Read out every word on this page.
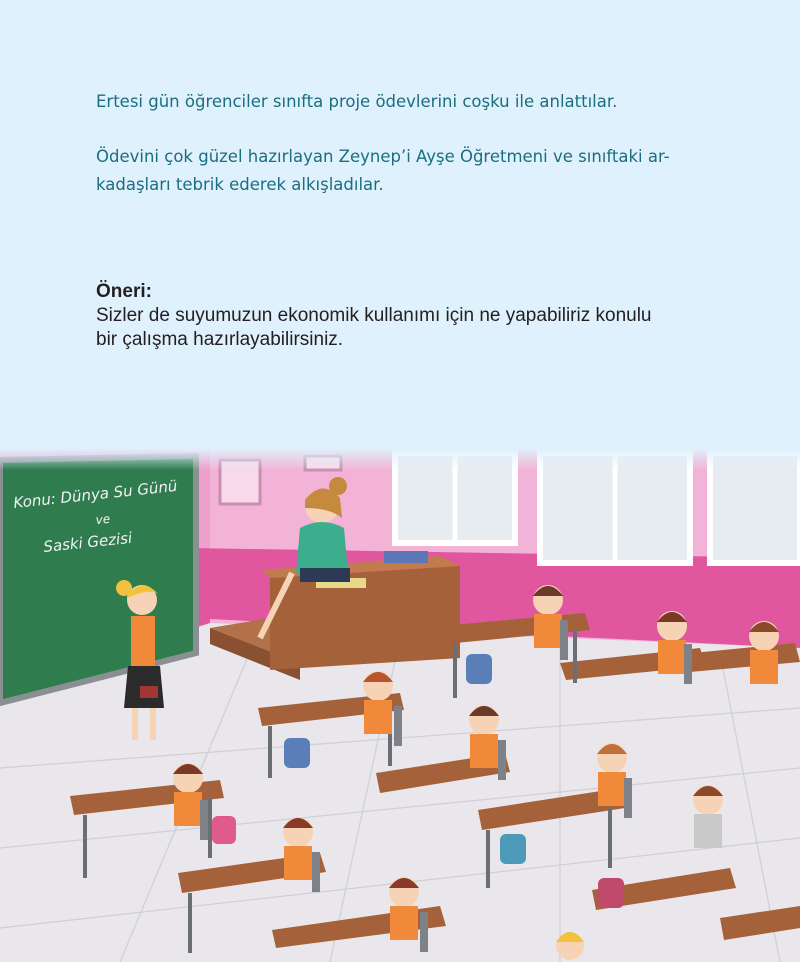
Ertesi gün öğrenciler sınıfta proje ödevlerini coşku ile anlattılar.

Ödevini çok güzel hazırlayan Zeynep’i Ayşe Öğretmeni ve sınıftaki ar-
kadaşları tebrik ederek alkışladılar.

Öneri:
Sizler de suyumuzun ekonomik kullanımı için ne yapabiliriz konulu
bir çalışma hazırlayabilirsiniz.
Konu: Dünya Su Günü
ve
Saski Gezisi
